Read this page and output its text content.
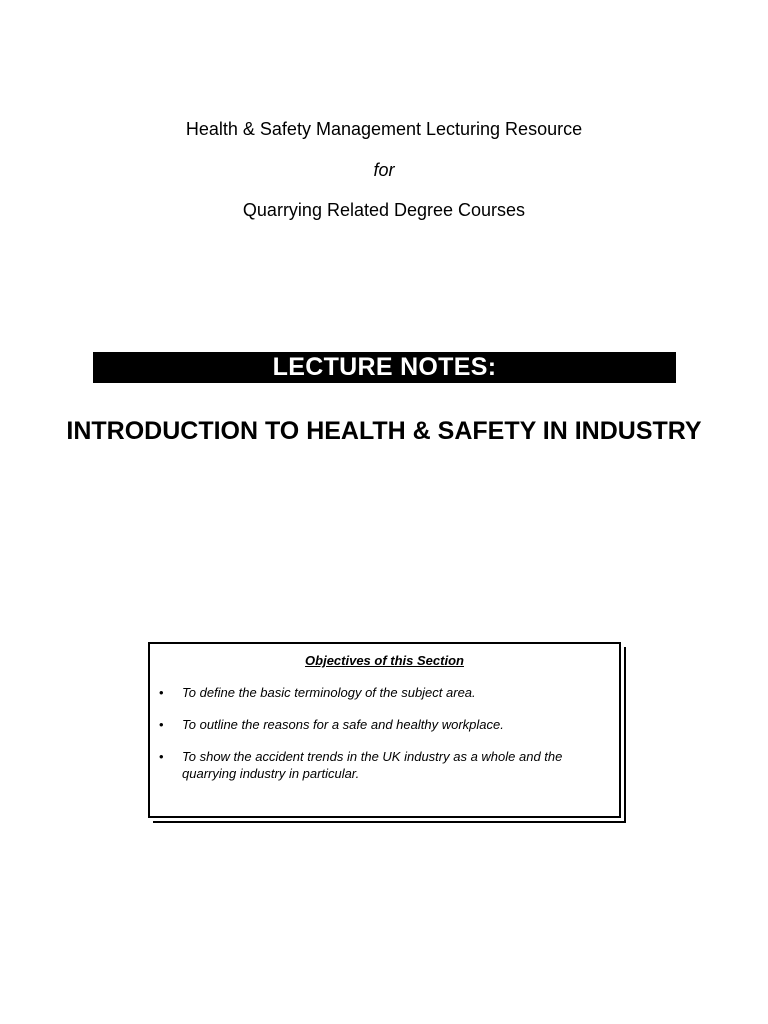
Health & Safety Management Lecturing Resource
for
Quarrying Related Degree Courses
LECTURE NOTES:
INTRODUCTION TO HEALTH & SAFETY IN INDUSTRY
Objectives of this Section
• To define the basic terminology of the subject area.
• To outline the reasons for a safe and healthy workplace.
• To show the accident trends in the UK industry as a whole and the quarrying industry in particular.
